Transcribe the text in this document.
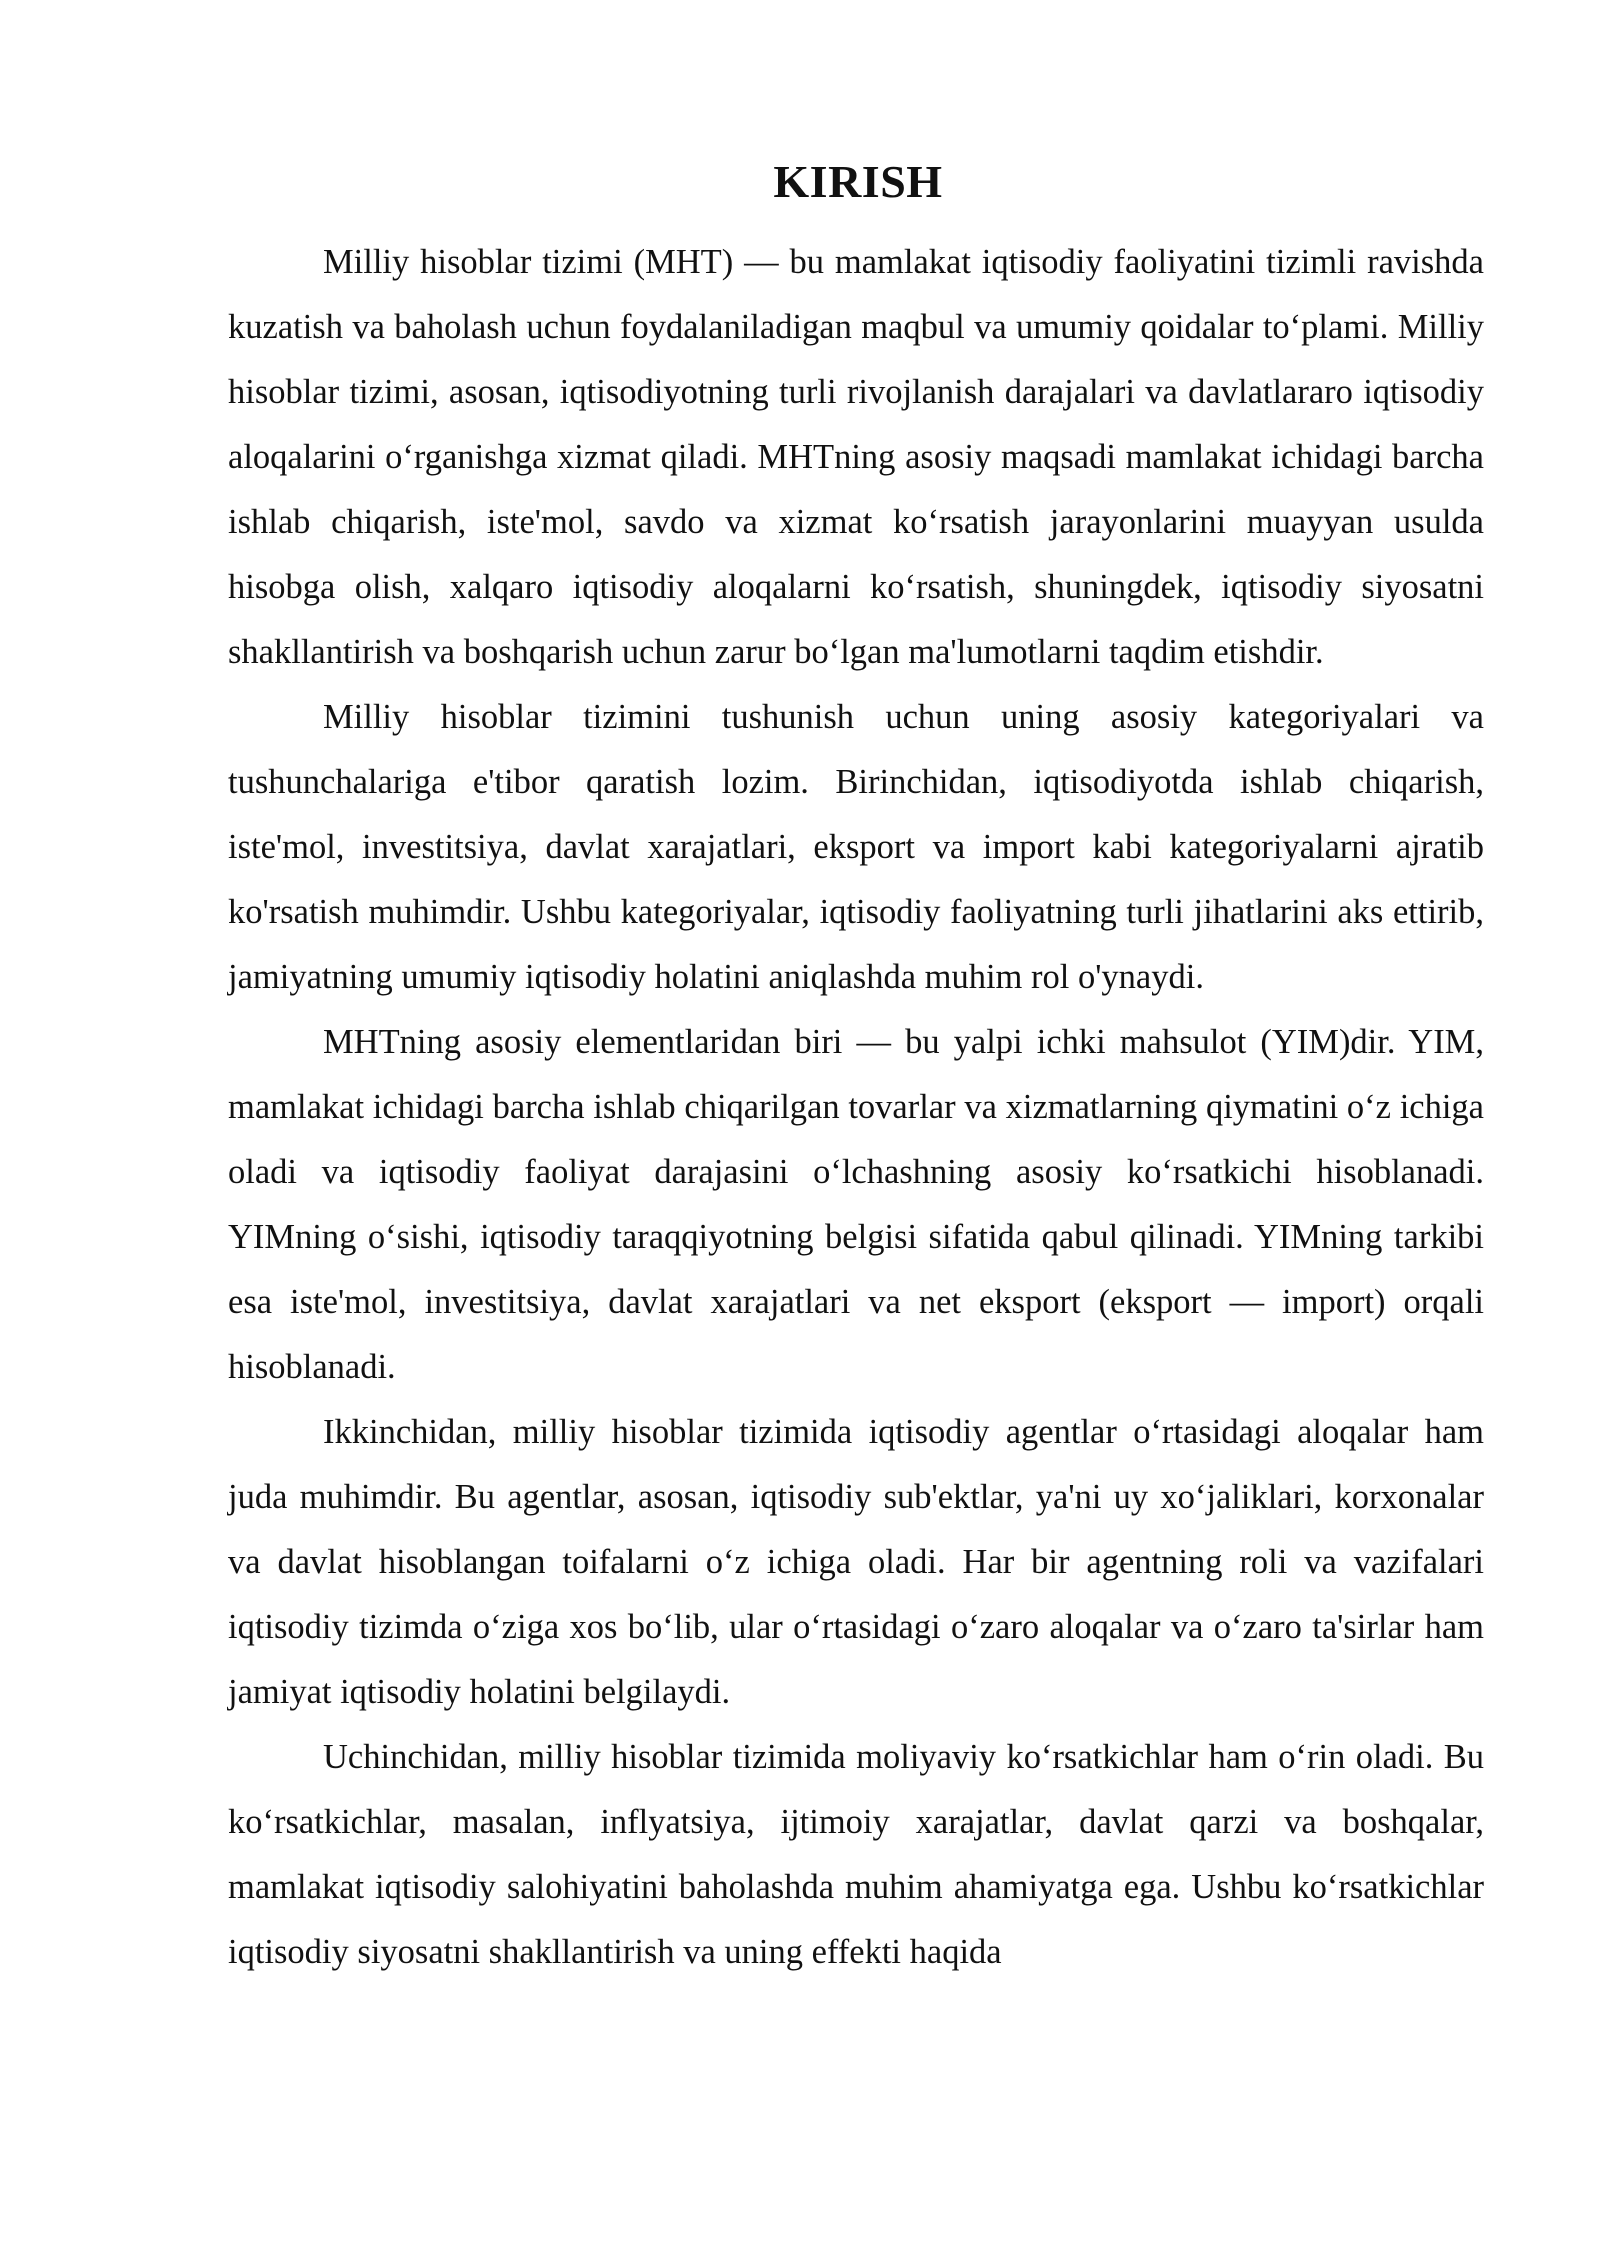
KIRISH

Milliy hisoblar tizimi (MHT) — bu mamlakat iqtisodiy faoliyatini tizimli ravishda kuzatish va baholash uchun foydalaniladigan maqbul va umumiy qoidalar to‘plami. Milliy hisoblar tizimi, asosan, iqtisodiyotning turli rivojlanish darajalari va davlatlararo iqtisodiy aloqalarini o‘rganishga xizmat qiladi. MHTning asosiy maqsadi mamlakat ichidagi barcha ishlab chiqarish, iste'mol, savdo va xizmat ko‘rsatish jarayonlarini muayyan usulda hisobga olish, xalqaro iqtisodiy aloqalarni ko‘rsatish, shuningdek, iqtisodiy siyosatni shakllantirish va boshqarish uchun zarur bo‘lgan ma'lumotlarni taqdim etishdir.

Milliy hisoblar tizimini tushunish uchun uning asosiy kategoriyalari va tushunchalariga e'tibor qaratish lozim. Birinchidan, iqtisodiyotda ishlab chiqarish, iste'mol, investitsiya, davlat xarajatlari, eksport va import kabi kategoriyalarni ajratib ko'rsatish muhimdir. Ushbu kategoriyalar, iqtisodiy faoliyatning turli jihatlarini aks ettirib, jamiyatning umumiy iqtisodiy holatini aniqlashda muhim rol o'ynaydi.

MHTning asosiy elementlaridan biri — bu yalpi ichki mahsulot (YIM)dir. YIM, mamlakat ichidagi barcha ishlab chiqarilgan tovarlar va xizmatlarning qiymatini o‘z ichiga oladi va iqtisodiy faoliyat darajasini o‘lchashning asosiy ko‘rsatkichi hisoblanadi. YIMning o‘sishi, iqtisodiy taraqqiyotning belgisi sifatida qabul qilinadi. YIMning tarkibi esa iste'mol, investitsiya, davlat xarajatlari va net eksport (eksport — import) orqali hisoblanadi.

Ikkinchidan, milliy hisoblar tizimida iqtisodiy agentlar o‘rtasidagi aloqalar ham juda muhimdir. Bu agentlar, asosan, iqtisodiy sub'ektlar, ya'ni uy xo‘jaliklari, korxonalar va davlat hisoblangan toifalarni o‘z ichiga oladi. Har bir agentning roli va vazifalari iqtisodiy tizimda o‘ziga xos bo‘lib, ular o‘rtasidagi o‘zaro aloqalar va o‘zaro ta'sirlar ham jamiyat iqtisodiy holatini belgilaydi.

Uchinchidan, milliy hisoblar tizimida moliyaviy ko‘rsatkichlar ham o‘rin oladi. Bu ko‘rsatkichlar, masalan, inflyatsiya, ijtimoiy xarajatlar, davlat qarzi va boshqalar, mamlakat iqtisodiy salohiyatini baholashda muhim ahamiyatga ega. Ushbu ko‘rsatkichlar iqtisodiy siyosatni shakllantirish va uning effekti haqida
